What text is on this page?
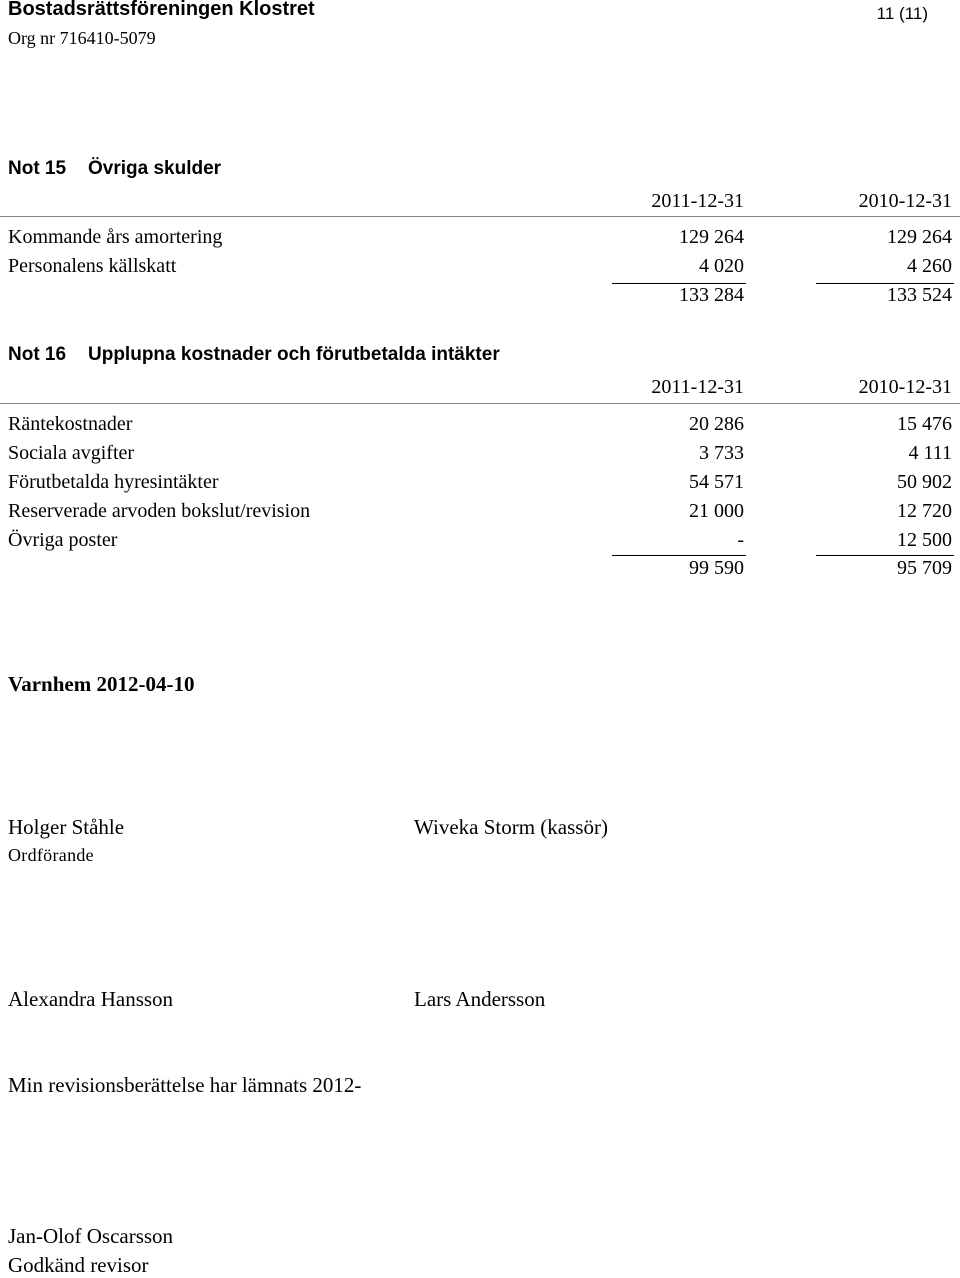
Bostadsrättsföreningen Klostret
Org nr 716410-5079
11 (11)
Not 15 Övriga skulder
2011-12-31	2010-12-31
Kommande års amortering	129 264	129 264
Personalens källskatt	4 020	4 260
133 284	133 524
Not 16 Upplupna kostnader och förutbetalda intäkter
2011-12-31	2010-12-31
Räntekostnader	20 286	15 476
Sociala avgifter	3 733	4 111
Förutbetalda hyresintäkter	54 571	50 902
Reserverade arvoden bokslut/revision	21 000	12 720
Övriga poster	-	12 500
99 590	95 709
Varnhem 2012-04-10
Holger Ståhle
Ordförande
Wiveka Storm (kassör)
Alexandra Hansson	Lars Andersson
Min revisionsberättelse har lämnats 2012-
Jan-Olof Oscarsson
Godkänd revisor
